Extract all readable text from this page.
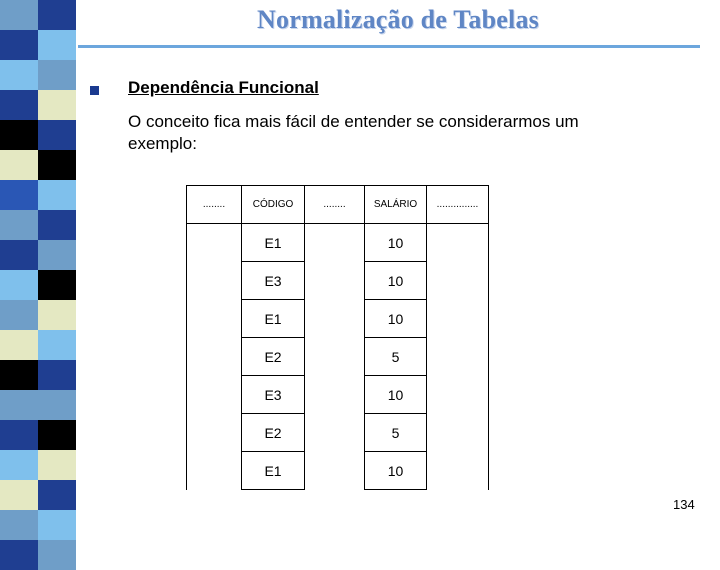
Normalização de Tabelas
Dependência Funcional
O conceito fica mais fácil de entender se considerarmos um exemplo:
........	CÓDIGO	........	SALÁRIO	...............
	E1		10	
	E3		10	
	E1		10	
	E2		5	
	E3		10	
	E2		5	
	E1		10	
134
